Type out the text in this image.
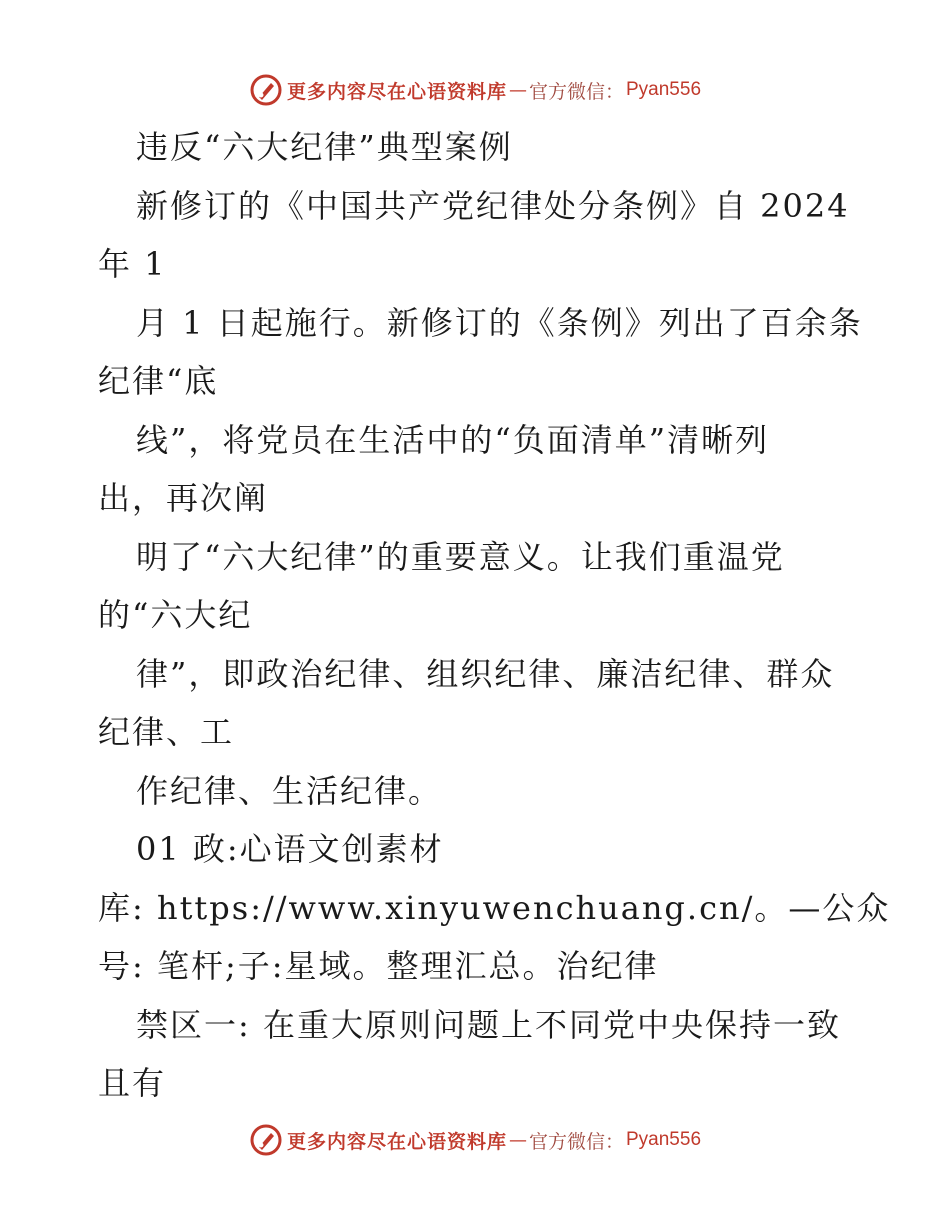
更多内容尽在心语资料库 — 官方微信： Pyan556
违反“六大纪律”典型案例
新修订的《中国共产党纪律处分条例》自 2024
年 1
月 1 日起施行。新修订的《条例》列出了百余条
纪律“底
线”，将党员在生活中的“负面清单”清晰列
出，再次阐
明了“六大纪律”的重要意义。让我们重温党
的“六大纪
律”，即政治纪律、组织纪律、廉洁纪律、群众
纪律、工
作纪律、生活纪律。
01 政:心语文创素材
库: https://www.xinyuwenchuang.cn/。—公众
号: 笔杆;子:星域。整理汇总。治纪律
禁区一: 在重大原则问题上不同党中央保持一致
且有
更多内容尽在心语资料库 — 官方微信： Pyan556
